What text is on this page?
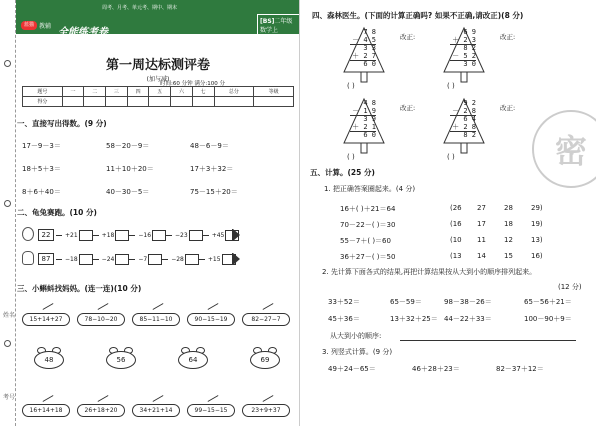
姓名
考号
周考、月考、单元考、期中、期末
[BS]二年级数学上
蓝猫 教辅
全能练考卷
第一周达标测评卷
(加与减)
时间:60 分钟 满分:100 分
题号	一	二	三	四	五	六	七	总分	等级
得分									
一、直接写出得数。(9 分)
17－9－3＝	58－20－9＝	48－6－9＝
18＋5＋3＝	11＋10＋20＝	17＋3＋32＝
8＋6＋40＝	40－30－5＝	75－15＋20＝
二、龟兔赛跑。(10 分)
22	+21	+18	−16	−23	+45
87	−18	−24	−7	−28	+15
三、小蝌蚪找妈妈。(连一连)(10 分)
15+14+27	78−10−20	85−11−10	90−15−19	82−27−7
48	56	64	69
16+14+18	26+18+20	34+21+14	99−15−15	23+9+37
密
四、森林医生。(下面的计算正确吗? 如果不正确,请改正)(8 分)
7 8
－ 4 5
3 3
＋ 2 7
6 0
改正:
( )
6 9
＋ 2 3
8 2
－ 5 2
3 0
改正:
( )
4 8
－ 1 9
3 9
＋ 2 1
6 0
改正:
( )
9 2
－ 2 8
6 4
＋ 2 8
8 2
改正:
( )
五、计算。(25 分)
1. 把正确答案圈起来。(4 分)
16＋( )＋21＝64	(26 27	28	29)
70－22－( )＝30	(16 17	18	19)
55－7＋( )＝60	(10 11	12	13)
36＋27－( )＝50	(13 14	15	16)
2. 先计算下面各式的结果,再把计算结果按从大到小的顺序排列起来。
(12 分)
33＋52＝	65－59＝	98－38－26＝	65－56＋21＝
45＋36＝	13＋32＋25＝ 44－22＋33＝	100－90＋9＝
从大到小的顺序:
3. 列竖式计算。(9 分)
49＋24－65＝	46＋28＋23＝	82－37＋12＝
